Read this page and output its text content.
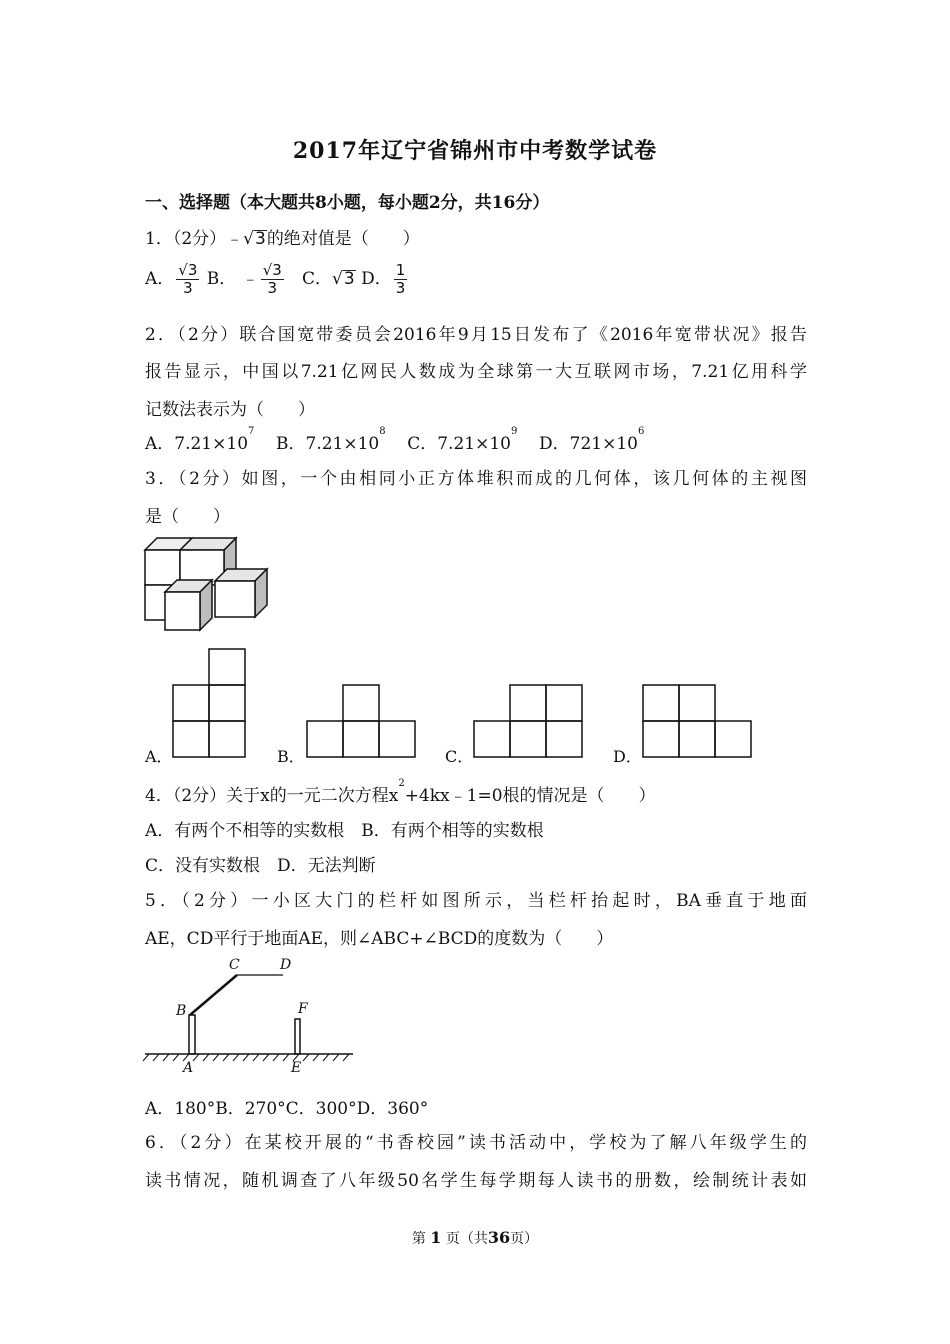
2017年辽宁省锦州市中考数学试卷
一、选择题（本大题共8小题，每小题2分，共16分）
1．（2分）﹣√3的绝对值是（　　）
A． $\frac{√3}{3}$ B． ﹣ $\frac{√3}{3}$ C．√3 D． $\frac{1}{3}$
2．（2分）联合国宽带委员会2016年9月15日发布了《2016年宽带状况》报告
报告显示，中国以7.21亿网民人数成为全球第一大互联网市场，7.21亿用科学
记数法表示为（　　）
A．$7.21\times 10^7$    B．$7.21\times 10^8$    C．$7.21\times 10^9$    D．$721\times 10^6$
3．（2分）如图，一个由相同小正方体堆积而成的几何体，该几何体的主视图
是（　　）
A．	B．	C．	D．
4．（2分）关于x的一元二次方程$x^2+4kx﹣1=0$根的情况是（　　）
A．有两个不相等的实数根　B．有两个相等的实数根
C．没有实数根　D．无法判断
5．（2分）一小区大门的栏杆如图所示，当栏杆抬起时，BA垂直于地面
AE，CD平行于地面AE，则∠ABC+∠BCD的度数为（　　）
B
C	D
F
A	E
A．180°B．270°C．300°D．360°
6．（2分）在某校开展的“书香校园”读书活动中，学校为了解八年级学生的
读书情况，随机调查了八年级50名学生每学期每人读书的册数，绘制统计表如
第 1 页（共36页）
